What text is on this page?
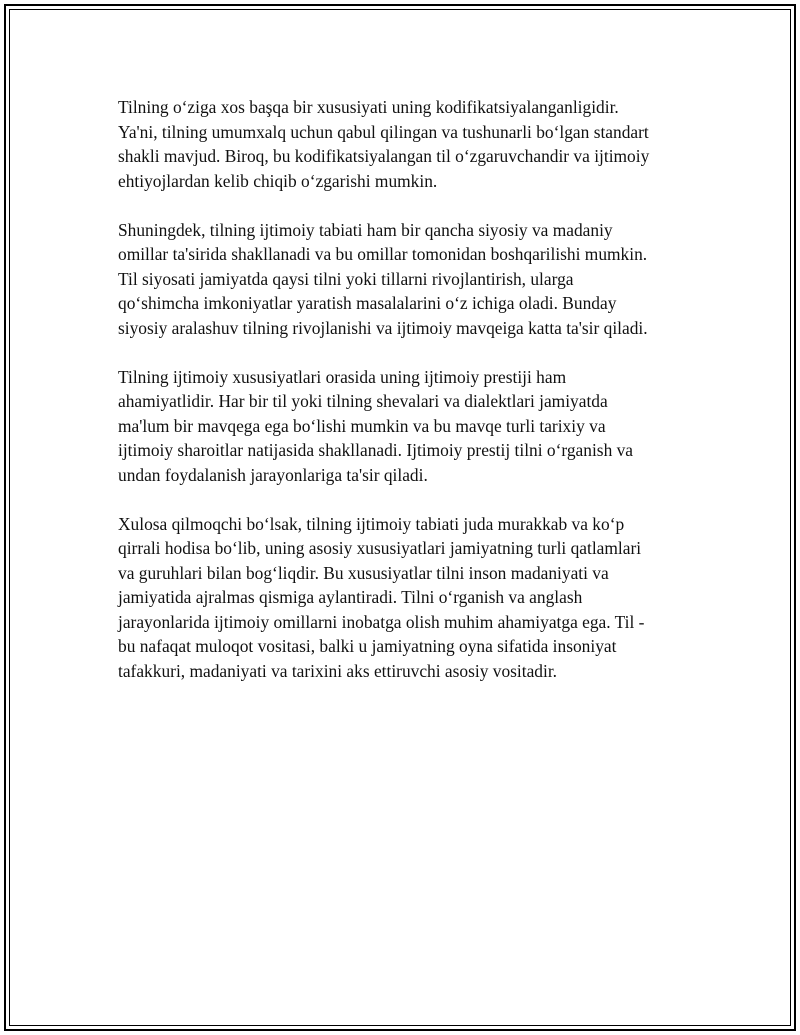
Tilning o‘ziga xos başqa bir xususiyati uning kodifikatsiyalanganligidir.
Ya'ni, tilning umumxalq uchun qabul qilingan va tushunarli bo‘lgan standart
shakli mavjud. Biroq, bu kodifikatsiyalangan til o‘zgaruvchandir va ijtimoiy
ehtiyojlardan kelib chiqib o‘zgarishi mumkin.

Shuningdek, tilning ijtimoiy tabiati ham bir qancha siyosiy va madaniy
omillar ta'sirida shakllanadi va bu omillar tomonidan boshqarilishi mumkin.
Til siyosati jamiyatda qaysi tilni yoki tillarni rivojlantirish, ularga
qo‘shimcha imkoniyatlar yaratish masalalarini o‘z ichiga oladi. Bunday
siyosiy aralashuv tilning rivojlanishi va ijtimoiy mavqeiga katta ta'sir qiladi.

Tilning ijtimoiy xususiyatlari orasida uning ijtimoiy prestiji ham
ahamiyatlidir. Har bir til yoki tilning shevalari va dialektlari jamiyatda
ma'lum bir mavqega ega bo‘lishi mumkin va bu mavqe turli tarixiy va
ijtimoiy sharoitlar natijasida shakllanadi. Ijtimoiy prestij tilni o‘rganish va
undan foydalanish jarayonlariga ta'sir qiladi.

Xulosa qilmoqchi bo‘lsak, tilning ijtimoiy tabiati juda murakkab va ko‘p
qirrali hodisa bo‘lib, uning asosiy xususiyatlari jamiyatning turli qatlamlari
va guruhlari bilan bog‘liqdir. Bu xususiyatlar tilni inson madaniyati va
jamiyatida ajralmas qismiga aylantiradi. Tilni o‘rganish va anglash
jarayonlarida ijtimoiy omillarni inobatga olish muhim ahamiyatga ega. Til -
bu nafaqat muloqot vositasi, balki u jamiyatning oyna sifatida insoniyat
tafakkuri, madaniyati va tarixini aks ettiruvchi asosiy vositadir.
